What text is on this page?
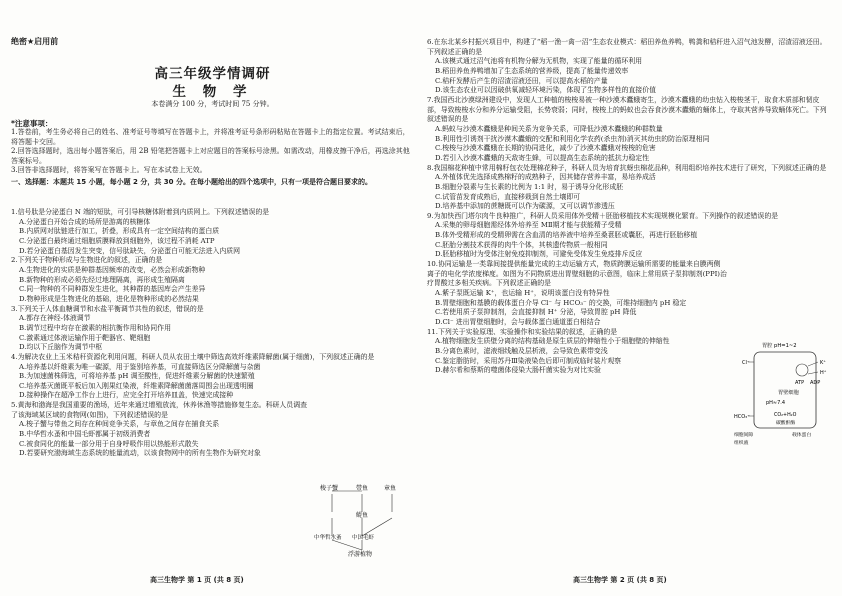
绝密★启用前
高三年级学情调研
生 物 学
本卷满分 100 分，考试时间 75 分钟。
*注意事项：
1.答卷前，考生务必将自己的姓名、准考证号等填写在答题卡上，并将准考证号条形码粘贴在答题卡上的指定位置。考试结束后，将答题卡交回。
2.回答选择题时，选出每小题答案后，用 2B 铅笔把答题卡上对应题目的答案标号涂黑。如需改动，用橡皮擦干净后，再选涂其他答案标号。
3.回答非选择题时，将答案写在答题卡上。写在本试卷上无效。
一、选择题：本题共 15 小题，每小题 2 分，共 30 分。在每小题给出的四个选项中，只有一项是符合题目要求的。
1.信号肽是分泌蛋白 N 端的短肽，可引导核糖体附着到内质网上。下列叙述错误的是
A.分泌蛋白开始合成的场所是游离的核糖体
B.内质网对肽链进行加工，折叠，形成具有一定空间结构的蛋白质
C.分泌蛋白最终通过细胞质膜释放到细胞外，该过程不消耗 ATP
D.若分泌蛋白基因发生突变，信号肽缺失，分泌蛋白可能无法进入内质网
2.下列关于物种形成与生物进化的叙述，正确的是
A.生物进化的实质是种群基因频率的改变，必然会形成新物种
B.新物种的形成必须先经过地理隔离，再形成生殖隔离
C.同一物种的不同种群发生进化，其种群的基因库会产生差异
D.物种形成是生物进化的基础，进化是物种形成的必然结果
3.下列关于人体血糖调节和水盐平衡调节共性的叙述，错误的是
A.都存在神经-体液调节
B.调节过程中均存在激素的相抗衡作用和协同作用
C.激素通过体液运输作用于靶器官、靶细胞
D.均以下丘脑作为调节中枢
4.为解决农业上玉米秸秆资源化利用问题，科研人员从农田土壤中筛选高效纤维素降解菌(属于细菌)，下列叙述正确的是
A.培养基以纤维素为唯一碳源，用于鉴别培养基，可直接筛选区分降解菌与杂菌
B.为加速菌株筛选，可将培养基 pH 调至酸性，促进纤维素分解菌的快速繁殖
C.培养基灭菌既平板后加入刚果红染液，纤维素降解菌菌落周围会出现透明圈
D.接种操作在超净工作台上进行，应完全打开培养皿盖，快速完成接种
5.黄海和渤海是我国重要的渔场，近年来通过增殖放流，休养休渔等措施修复生态。科研人员调查了该海域某区域的食物网(如图)，下列叙述错误的是
A.梭子蟹与带鱼之间存在种间竞争关系，与章鱼之间存在捕食关系
B.中华哲水蚤和中国毛虾都属于初级消费者
C.被食同化的能量一部分用于自身呼吸作用以热能形式散失
D.若要研究渤海域生态系统的能量流动，以该食物网中的所有生物作为研究对象
梭子蟹	带鱼	章鱼
鳀鱼
中华哲水蚤 中国毛虾
浮游植物
6.在东北某乡村振兴项目中，构建了“稻一渔一禽一沼”生态农业模式：稻田养鱼养鸭，鸭粪和秸秆进入沼气池发酵，沼渣沼液还田。下列叙述正确的是
A.该模式通过沼气池将有机物分解为无机物，实现了能量的循环利用
B.稻田养鱼养鸭增加了生态系统的营养级，提高了能量传递效率
C.秸秆发酵后产生的沼渣沼液还田，可以提高水稻的产量
D.该生态农业可以因破供氧减轻环境污染，体现了生物多样性的直接价值
7.我国西北沙漠绿洲建设中，发现人工种植的梭梭易被一种沙漠木蠹蛾寄生，沙漠木蠹蛾的幼虫钻入梭梭茎干，取食木质部和韧皮部，导致梭梭水分和养分运输受阻，长势衰弱；同时，梭梭上的蚂蚁也会吞食沙漠木蠹蛾的蛹体上，夺取其营养导致蛹体死亡。下列叙述错误的是
A.蚂蚁与沙漠木蠹蛾是种间关系为竞争关系，可降低沙漠木蠹蛾的种群数量
B.利用性引诱剂干扰沙漠木蠹蛾的交配和利用化学农药(杀虫剂)消灭其幼虫的防治原理相同
C.梭梭与沙漠木蠹蛾在长期的协同进化，减少了沙漠木蠹蛾对梭梭的危害
D.若引入沙漠木蠹蛾的天敌寄生蜂，可以提高生态系统的抵抗力稳定性
8.我国棉花种植中常用棉籽包衣处理棉花种子，科研人员为培育抗蚜虫棉花品种，利用组织培养技术进行了研究，下列叙述正确的是
A.外植体优先选择成熟棉籽的成熟种子，因其储存营养丰富，易培养成活
B.细胞分裂素与生长素的比例为 1:1 时，易于诱导分化形成胚
C.试管苗发育成熟后，直接移栽到自然土壤即可
D.培养基中添加的蔗糖既可以作为碳源，又可以调节渗透压
9.为加快西门塔尔肉牛良种推广，科研人员采用体外受精＋胚胎移植技术实现规模化繁育。下列操作的叙述错误的是
A.采集的卵母细胞需经体外培养至 MⅡ期才能与获能精子受精
B.体外受精形成的受精卵需在含血清的培养液中培养至桑葚胚或囊胚，再进行胚胎移植
C.胚胎分割技术获得的肉牛个体，其核遗传物质一般相同
D.胚胎移植时为受体注射免疫抑制剂，可避免受体发生免疫排斥反应
10.协同运输是一类靠间接提供能量完成的主动运输方式，物质跨膜运输所需要的能量来自膜两侧离子的电化学浓度梯度。如图为不同物质进出胃壁细胞的示意图，临床上常用质子泵抑制剂(PPI)治疗胃酸过多相关疾病。下列叙述正确的是
A.紫子泵既运输 K⁺，也运输 H⁺，说明该蛋白没有特异性
B.胃壁细胞和基膜的载体蛋白介导 Cl⁻ 与 HCO₃⁻ 的交换，可维持细胞内 pH 稳定
C.若使用质子泵抑制剂，会直接抑制 H⁺ 分泌，导致胃腔 pH 降低
D.Cl⁻ 进出胃壁细胞时，会与载体蛋白通道蛋白相结合
11.下列关于实验原理、实验操作和实验结果的叙述，正确的是
A.植物细胞发生质壁分离的结构基础是原生质层的伸缩性小于细胞壁的伸缩性
B.分离色素时，滤液细线触及层析液，会导致色素带变浅
C.鉴定脂肪时，采用苏丹Ⅲ染液染色后即可制成临时装片观察
D.赫尔希和蔡斯的噬菌体侵染大肠杆菌实验为对比实验
胃腔 pH=1~2
胃壁细胞
pH≈7.4
ATP ADP
K⁺
H⁺
Cl⁻
HCO₃⁻	CO₂+H₂O
碳酸酐酶
细胞间隙
组织液
载体蛋白
高三生物学 第 1 页 (共 8 页)	高三生物学 第 2 页 (共 8 页)
